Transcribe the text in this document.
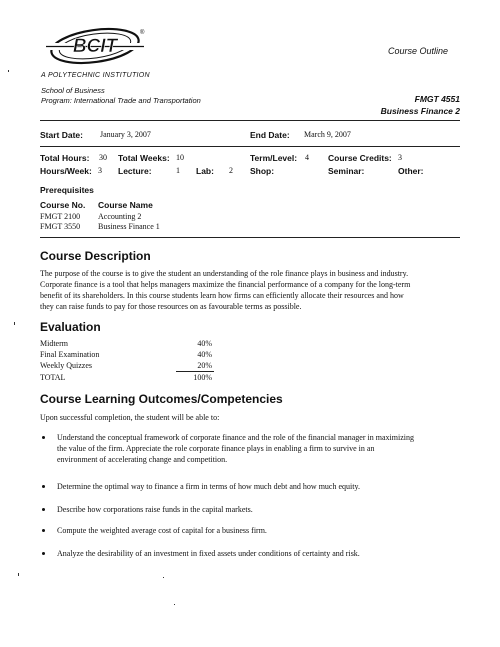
BCIT
®
A POLYTECHNIC INSTITUTION
Course Outline
School of Business
Program: International Trade and Transportation	FMGT 4551
Business Finance 2
Start Date: January 3, 2007	End Date: March 9, 2007
Total Hours: 30 Total Weeks: 10	Term/Level: 4 Course Credits: 3
Hours/Week: 3 Lecture:	1 Lab: 2 Shop:	Seminar:	Other:
Prerequisites
Course No. Course Name
FMGT 2100 Accounting 2
FMGT 3550 Business Finance 1
Course Description
The purpose of the course is to give the student an understanding of the role finance plays in business and industry.
Corporate finance is a tool that helps managers maximize the financial performance of a company for the long-term
benefit of its shareholders. In this course students learn how firms can efficiently allocate their resources and how
they can raise funds to pay for those resources on as favourable terms as possible.
Evaluation
Midterm	40%
Final Examination	40%
Weekly Quizzes	20%
TOTAL	100%
Course Learning Outcomes/Competencies
Upon successful completion, the student will be able to:
Understand the conceptual framework of corporate finance and the role of the financial manager in maximizing
the value of the firm. Appreciate the role corporate finance plays in enabling a firm to survive in an
environment of accelerating change and competition.
Determine the optimal way to finance a firm in terms of how much debt and how much equity.
Describe how corporations raise funds in the capital markets.
Compute the weighted average cost of capital for a business firm.
Analyze the desirability of an investment in fixed assets under conditions of certainty and risk.
